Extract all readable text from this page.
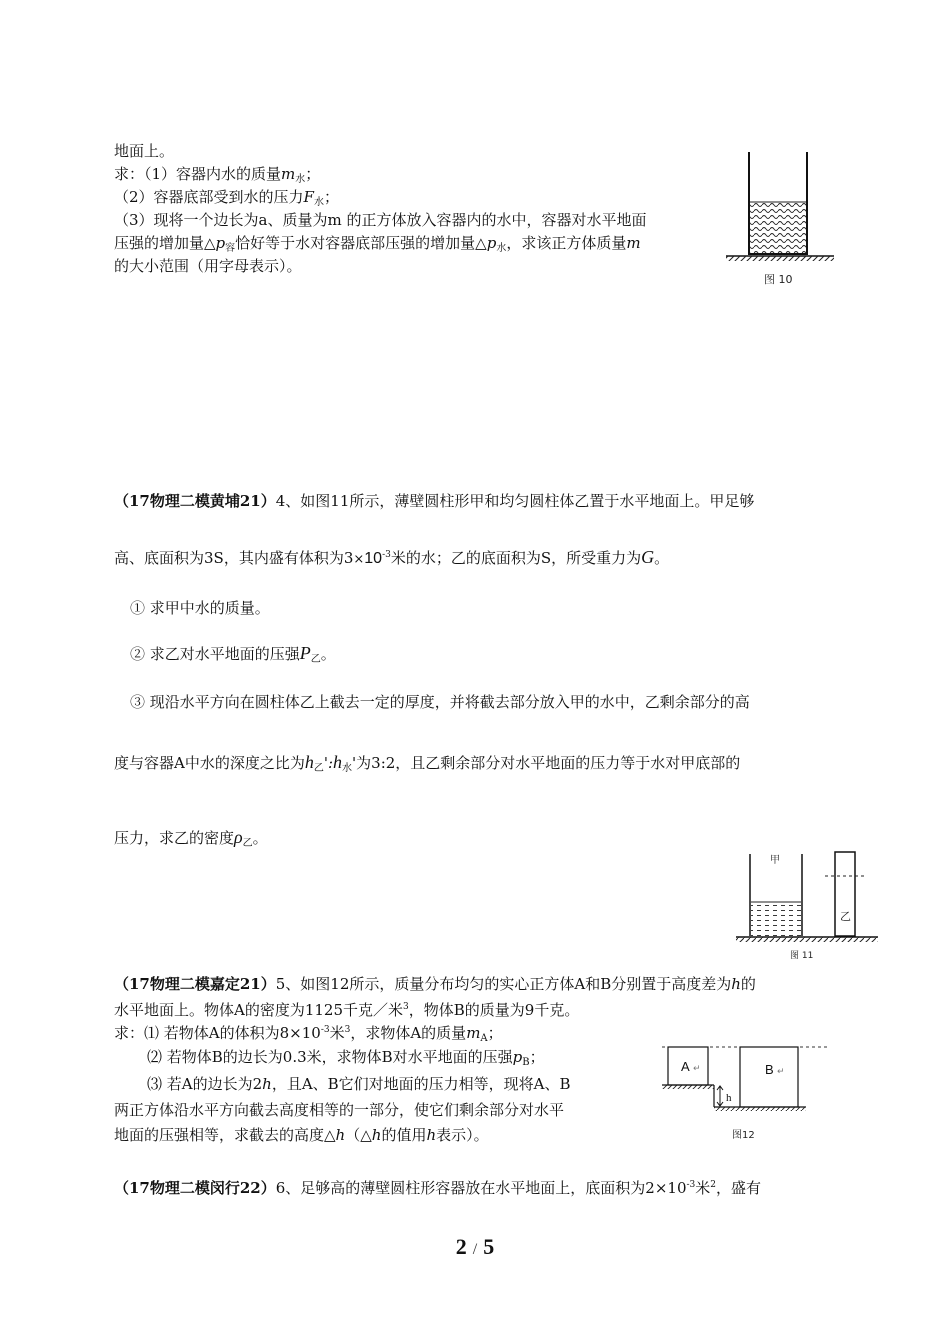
地面上。
求：（1）容器内水的质量$m_水$；
（2）容器底部受到水的压力$F_水$；
（3）现将一个边长为a、质量为m 的正方体放入容器内的水中，容器对水平地面
压强的增加量$\triangle p_容$恰好等于水对容器底部压强的增加量$\triangle p_水$，求该正方体质量m
的大小范围（用字母表示）。
图 10
（17物理二模黄埔21）4、如图11所示，薄壁圆柱形甲和均匀圆柱体乙置于水平地面上。甲足够
高、底面积为3S，其内盛有体积为$3\times 10^{-3}$米的水；乙的底面积为S，所受重力为G。
① 求甲中水的质量。
② 求乙对水平地面的压强$P_乙$。
③ 现沿水平方向在圆柱体乙上截去一定的厚度，并将截去部分放入甲的水中，乙剩余部分的高
度与容器A中水的深度之比为$h_乙':h_水'$为3:2，且乙剩余部分对水平地面的压力等于水对甲底部的
压力，求乙的密度$\rho_乙$。
甲
乙
图 11
（17物理二模嘉定21）5、如图12所示，质量分布均匀的实心正方体A和B分别置于高度差为h的
水平地面上。物体A的密度为1125千克／米$^3$，物体B的质量为9千克。
求：⑴ 若物体A的体积为$8\times 10^{-3}$米$^3$，求物体A的质量$m_A$；
⑵ 若物体B的边长为0.3米，求物体B对水平地面的压强$p_B$；
⑶ 若A的边长为2h，且A、B它们对地面的压力相等，现将A、B
两正方体沿水平方向截去高度相等的一部分，使它们剩余部分对水平
地面的压强相等，求截去的高度△h（△h的值用h表示）。
A ↵
h
B ↵
图12
（17物理二模闵行22）6、足够高的薄壁圆柱形容器放在水平地面上，底面积为$2\times 10^{-3}$米$^2$，盛有
2 / 5
